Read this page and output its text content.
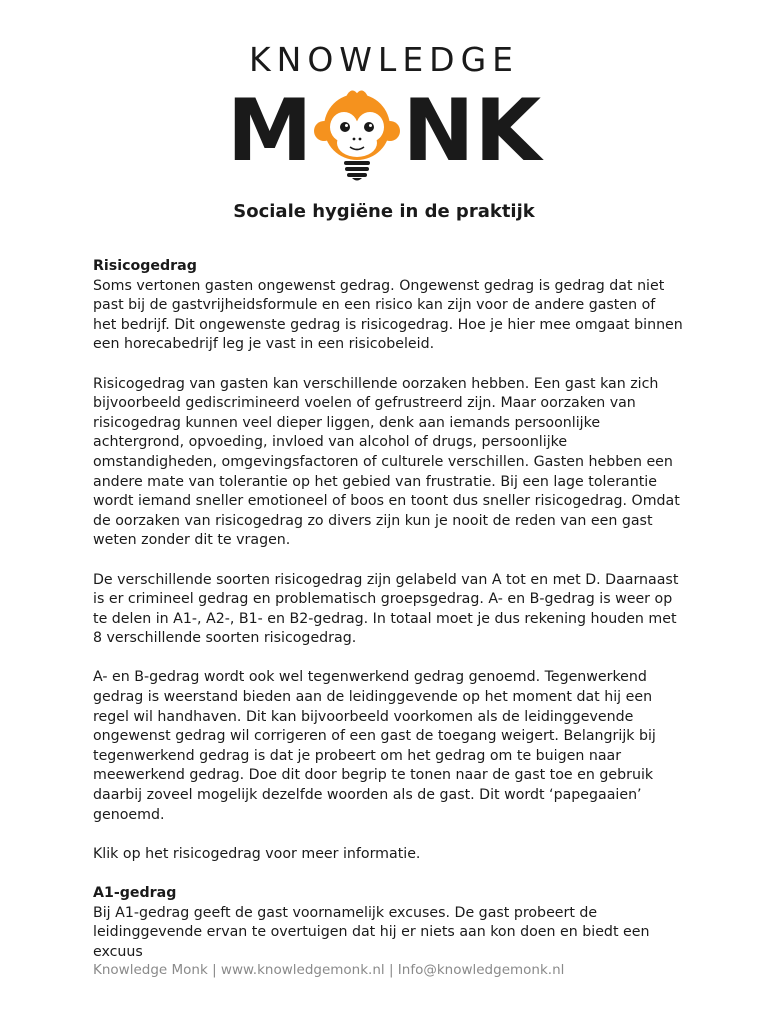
KNOWLEDGE
M NK
Sociale hygiëne in de praktijk
Risicogedrag

Soms vertonen gasten ongewenst gedrag. Ongewenst gedrag is gedrag dat niet past bij de gastvrijheidsformule en een risico kan zijn voor de andere gasten of het bedrijf. Dit ongewenste gedrag is risicogedrag. Hoe je hier mee omgaat binnen een horecabedrijf leg je vast in een risicobeleid.

Risicogedrag van gasten kan verschillende oorzaken hebben. Een gast kan zich bijvoorbeeld gediscrimineerd voelen of gefrustreerd zijn. Maar oorzaken van risicogedrag kunnen veel dieper liggen, denk aan iemands persoonlijke achtergrond, opvoeding, invloed van alcohol of drugs, persoonlijke omstandigheden, omgevingsfactoren of culturele verschillen. Gasten hebben een andere mate van tolerantie op het gebied van frustratie. Bij een lage tolerantie wordt iemand sneller emotioneel of boos en toont dus sneller risicogedrag. Omdat de oorzaken van risicogedrag zo divers zijn kun je nooit de reden van een gast weten zonder dit te vragen.

De verschillende soorten risicogedrag zijn gelabeld van A tot en met D. Daarnaast is er crimineel gedrag en problematisch groepsgedrag. A- en B-gedrag is weer op te delen in A1-, A2-, B1- en B2-gedrag. In totaal moet je dus rekening houden met 8 verschillende soorten risicogedrag.

A- en B-gedrag wordt ook wel tegenwerkend gedrag genoemd. Tegenwerkend gedrag is weerstand bieden aan de leidinggevende op het moment dat hij een regel wil handhaven. Dit kan bijvoorbeeld voorkomen als de leidinggevende ongewenst gedrag wil corrigeren of een gast de toegang weigert. Belangrijk bij tegenwerkend gedrag is dat je probeert om het gedrag om te buigen naar meewerkend gedrag. Doe dit door begrip te tonen naar de gast toe en gebruik daarbij zoveel mogelijk dezelfde woorden als de gast. Dit wordt ‘papegaaien’ genoemd.

Klik op het risicogedrag voor meer informatie.

A1-gedrag

Bij A1-gedrag geeft de gast voornamelijk excuses. De gast probeert de leidinggevende ervan te overtuigen dat hij er niets aan kon doen en biedt een excuus

Knowledge Monk | www.knowledgemonk.nl | Info@knowledgemonk.nl
